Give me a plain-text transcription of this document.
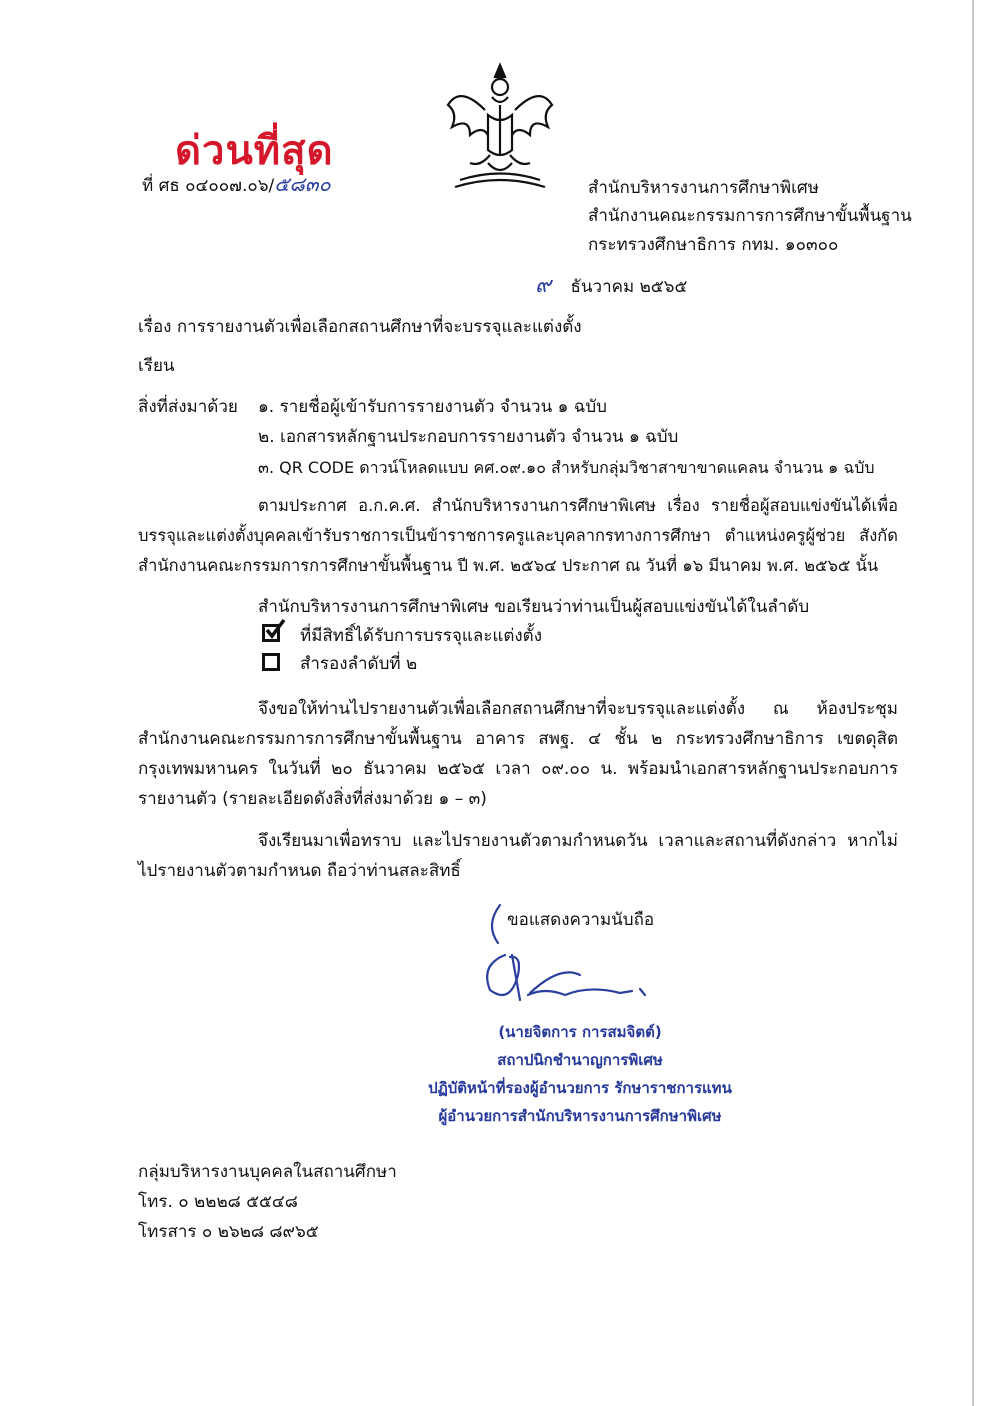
ด่วนที่สุด
ที่ ศธ ๐๔๐๐๗.๐๖/๕๘๓๐	สำนักบริหารงานการศึกษาพิเศษ
สำนักงานคณะกรรมการการศึกษาขั้นพื้นฐาน
กระทรวงศึกษาธิการ กทม. ๑๐๓๐๐
๙ ธันวาคม ๒๕๖๕
เรื่อง การรายงานตัวเพื่อเลือกสถานศึกษาที่จะบรรจุและแต่งตั้ง
เรียน
สิ่งที่ส่งมาด้วย ๑. รายชื่อผู้เข้ารับการรายงานตัว จำนวน ๑ ฉบับ
๒. เอกสารหลักฐานประกอบการรายงานตัว จำนวน ๑ ฉบับ
๓. QR CODE ดาวน์โหลดแบบ คศ.๐๙.๑๐ สำหรับกลุ่มวิชาสาขาขาดแคลน จำนวน ๑ ฉบับ
ตามประกาศ อ.ก.ค.ศ. สำนักบริหารงานการศึกษาพิเศษ เรื่อง รายชื่อผู้สอบแข่งขันได้เพื่อบรรจุและแต่งตั้งบุคคลเข้ารับราชการเป็นข้าราชการครูและบุคลากรทางการศึกษา ตำแหน่งครูผู้ช่วย สังกัดสำนักงานคณะกรรมการการศึกษาขั้นพื้นฐาน ปี พ.ศ. ๒๕๖๔ ประกาศ ณ วันที่ ๑๖ มีนาคม พ.ศ. ๒๕๖๕ นั้น
สำนักบริหารงานการศึกษาพิเศษ ขอเรียนว่าท่านเป็นผู้สอบแข่งขันได้ในลำดับ
ที่มีสิทธิ์ได้รับการบรรจุและแต่งตั้ง
สำรองลำดับที่ ๒
จึงขอให้ท่านไปรายงานตัวเพื่อเลือกสถานศึกษาที่จะบรรจุและแต่งตั้ง ณ ห้องประชุม สำนักงานคณะกรรมการการศึกษาขั้นพื้นฐาน อาคาร สพฐ. ๔ ชั้น ๒ กระทรวงศึกษาธิการ เขตดุสิต กรุงเทพมหานคร ในวันที่ ๒๐ ธันวาคม ๒๕๖๕ เวลา ๐๙.๐๐ น. พร้อมนำเอกสารหลักฐานประกอบการรายงานตัว (รายละเอียดดังสิ่งที่ส่งมาด้วย ๑ – ๓)
จึงเรียนมาเพื่อทราบ และไปรายงานตัวตามกำหนดวัน เวลาและสถานที่ดังกล่าว หากไม่ไปรายงานตัวตามกำหนด ถือว่าท่านสละสิทธิ์
ขอแสดงความนับถือ
(นายจิตการ การสมจิตต์)
สถาปนิกชำนาญการพิเศษ
ปฏิบัติหน้าที่รองผู้อำนวยการ รักษาราชการแทน
ผู้อำนวยการสำนักบริหารงานการศึกษาพิเศษ
กลุ่มบริหารงานบุคคลในสถานศึกษา
โทร. ๐ ๒๒๒๘ ๕๕๔๘
โทรสาร ๐ ๒๖๒๘ ๘๙๖๕
